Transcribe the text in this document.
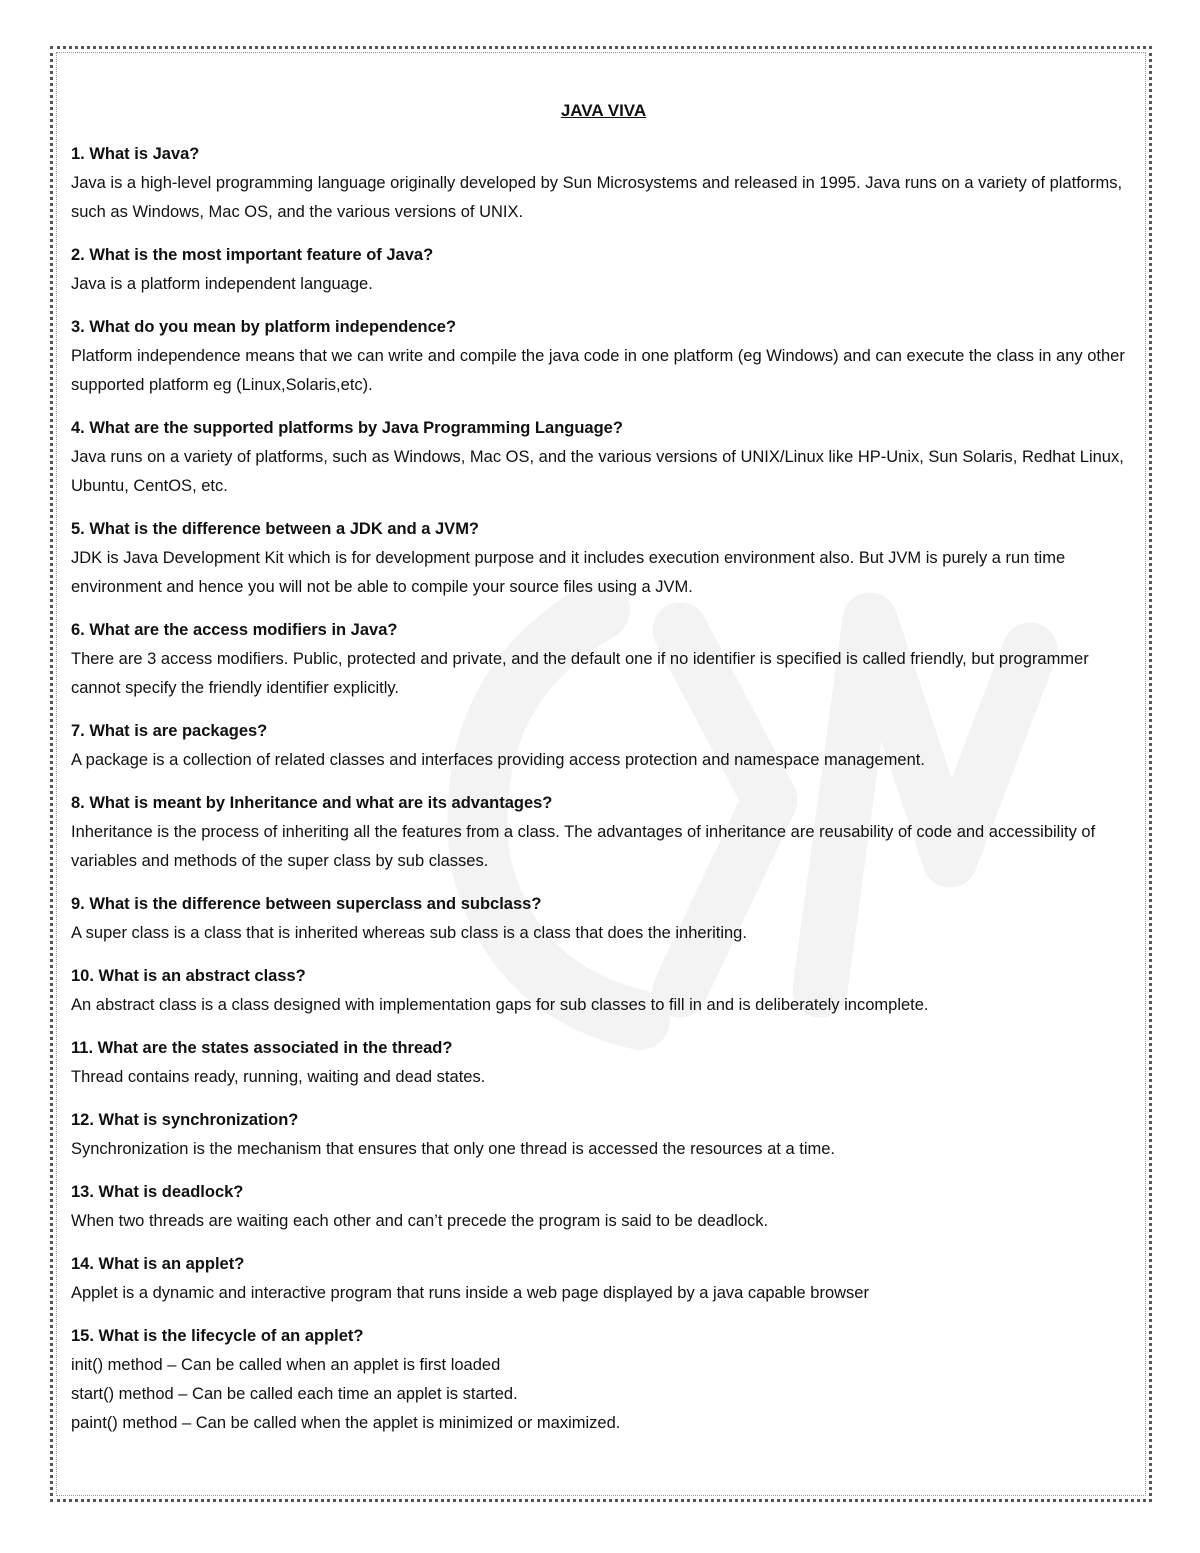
JAVA VIVA

1. What is Java?

Java is a high-level programming language originally developed by Sun Microsystems and released in 1995. Java runs on a variety of platforms, such as Windows, Mac OS, and the various versions of UNIX.

2. What is the most important feature of Java?

Java is a platform independent language.

3. What do you mean by platform independence?

Platform independence means that we can write and compile the java code in one platform (eg Windows) and can execute the class in any other supported platform eg (Linux,Solaris,etc).

4. What are the supported platforms by Java Programming Language?

Java runs on a variety of platforms, such as Windows, Mac OS, and the various versions of UNIX/Linux like HP-Unix, Sun Solaris, Redhat Linux, Ubuntu, CentOS, etc.

5. What is the difference between a JDK and a JVM?

JDK is Java Development Kit which is for development purpose and it includes execution environment also. But JVM is purely a run time environment and hence you will not be able to compile your source files using a JVM.

6. What are the access modifiers in Java?

There are 3 access modifiers. Public, protected and private, and the default one if no identifier is specified is called friendly, but programmer cannot specify the friendly identifier explicitly.

7. What is are packages?

A package is a collection of related classes and interfaces providing access protection and namespace management.

8. What is meant by Inheritance and what are its advantages?

Inheritance is the process of inheriting all the features from a class. The advantages of inheritance are reusability of code and accessibility of variables and methods of the super class by sub classes.

9. What is the difference between superclass and subclass?

A super class is a class that is inherited whereas sub class is a class that does the inheriting.

10. What is an abstract class?

An abstract class is a class designed with implementation gaps for sub classes to fill in and is deliberately incomplete.

11. What are the states associated in the thread?

Thread contains ready, running, waiting and dead states.

12. What is synchronization?

Synchronization is the mechanism that ensures that only one thread is accessed the resources at a time.

13. What is deadlock?

When two threads are waiting each other and can’t precede the program is said to be deadlock.

14. What is an applet?

Applet is a dynamic and interactive program that runs inside a web page displayed by a java capable browser

15. What is the lifecycle of an applet?

init() method – Can be called when an applet is first loaded
start() method – Can be called each time an applet is started.
paint() method – Can be called when the applet is minimized or maximized.
